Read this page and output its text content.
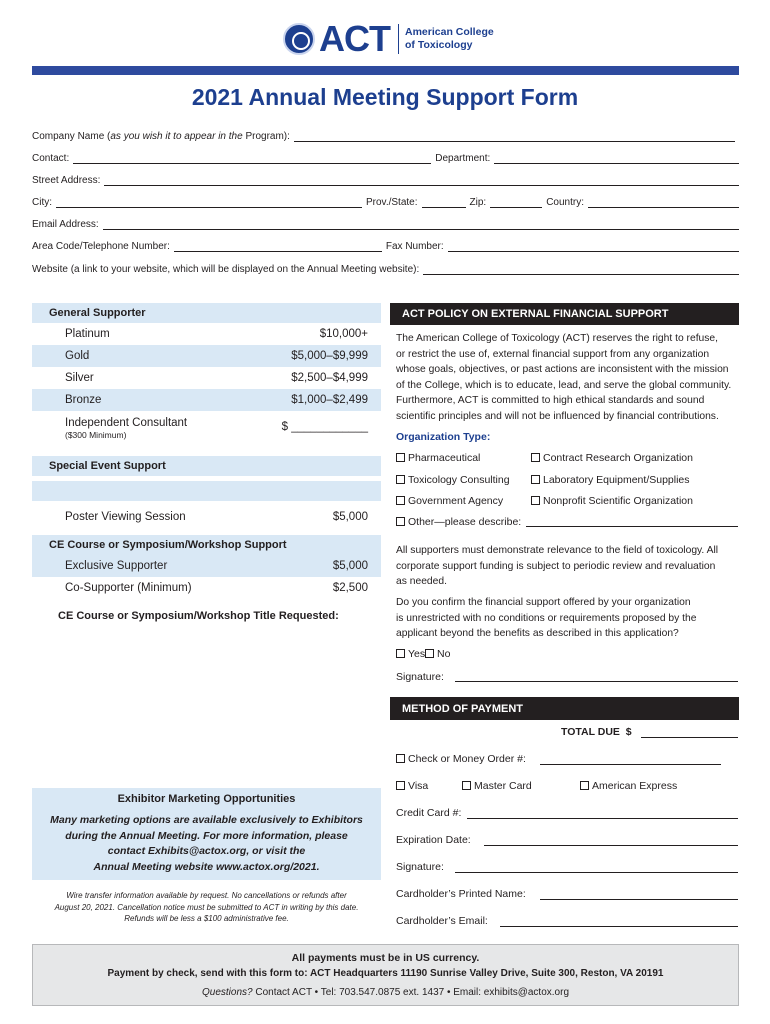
ACT American College
of Toxicology
2021 Annual Meeting Support Form
Company Name (as you wish it to appear in the Program):
Contact:	Department:
Street Address:
City:	Prov./State:	Zip:	Country:
Email Address:
Area Code/Telephone Number:	Fax Number:
Website (a link to your website, which will be displayed on the Annual Meeting website):
General Supporter
Platinum	$10,000+
Gold	$5,000–$9,999
Silver	$2,500–$4,999
Bronze	$1,000–$2,499
Independent Consultant
($300 Minimum)
$ ____________
Special Event Support
Poster Viewing Session	$5,000
CE Course or Symposium/Workshop Support
Exclusive Supporter	$5,000
Co-Supporter (Minimum)	$2,500
CE Course or Symposium/Workshop Title Requested:
Exhibitor Marketing Opportunities
Many marketing options are available exclusively to Exhibitors
during the Annual Meeting. For more information, please
contact Exhibits@actox.org, or visit the
Annual Meeting website www.actox.org/2021.
Wire transfer information available by request. No cancellations or refunds after
August 20, 2021. Cancellation notice must be submitted to ACT in writing by this date.
Refunds will be less a $100 administrative fee.
ACT POLICY ON EXTERNAL FINANCIAL SUPPORT
The American College of Toxicology (ACT) reserves the right to refuse,
or restrict the use of, external financial support from any organization
whose goals, objectives, or past actions are inconsistent with the mission
of the College, which is to educate, lead, and serve the global community.
Furthermore, ACT is committed to high ethical standards and sound
scientific principles and will not be influenced by financial contributions.
Organization Type:
Pharmaceutical	Contract Research Organization
Toxicology Consulting	Laboratory Equipment/Supplies
Government Agency	Nonprofit Scientific Organization
Other—please describe:
All supporters must demonstrate relevance to the field of toxicology. All
corporate support funding is subject to periodic review and revaluation
as needed.
Do you confirm the financial support offered by your organization
is unrestricted with no conditions or requirements proposed by the
applicant beyond the benefits as described in this application?
Yes	No
Signature:
METHOD OF PAYMENT
TOTAL DUE $
Check or Money Order #:
Visa	Master Card	American Express
Credit Card #:
Expiration Date:
Signature:
Cardholder’s Printed Name:
Cardholder’s Email:
All payments must be in US currency.
Payment by check, send with this form to: ACT Headquarters 11190 Sunrise Valley Drive, Suite 300, Reston, VA 20191
Questions? Contact ACT • Tel: 703.547.0875 ext. 1437 • Email: exhibits@actox.org
